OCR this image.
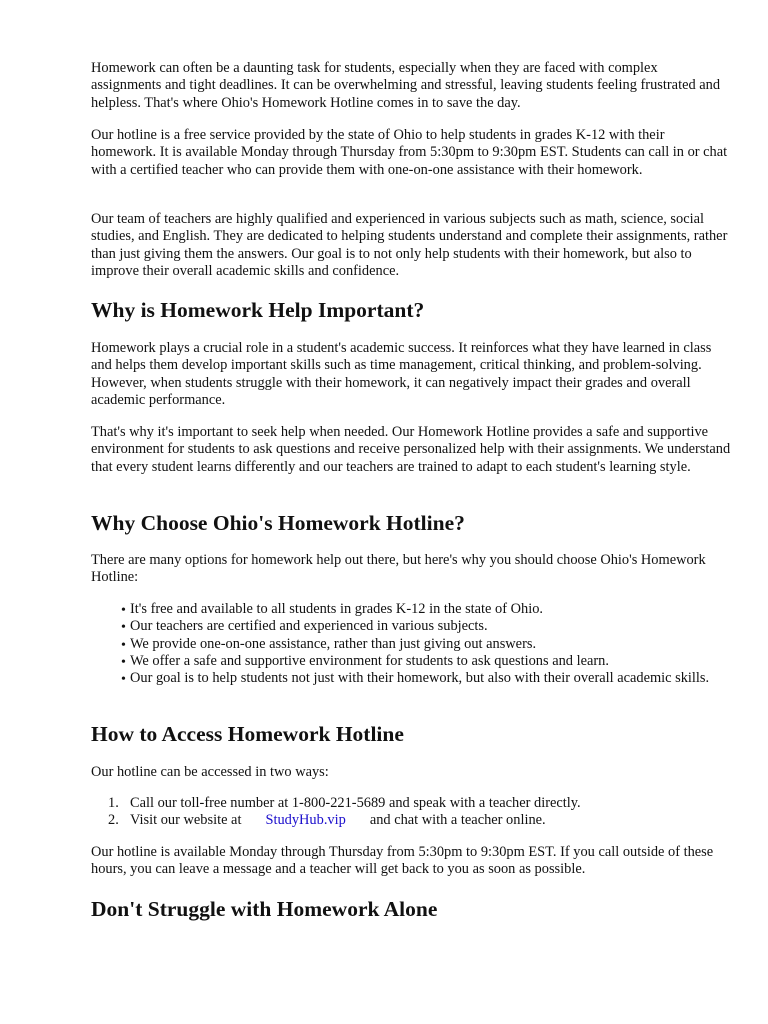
Homework can often be a daunting task for students, especially when they are faced with complex assignments and tight deadlines. It can be overwhelming and stressful, leaving students feeling frustrated and helpless. That's where Ohio's Homework Hotline comes in to save the day.

Our hotline is a free service provided by the state of Ohio to help students in grades K-12 with their homework. It is available Monday through Thursday from 5:30pm to 9:30pm EST. Students can call in or chat with a certified teacher who can provide them with one-on-one assistance with their homework.

Our team of teachers are highly qualified and experienced in various subjects such as math, science, social studies, and English. They are dedicated to helping students understand and complete their assignments, rather than just giving them the answers. Our goal is to not only help students with their homework, but also to improve their overall academic skills and confidence.

Why is Homework Help Important?

Homework plays a crucial role in a student's academic success. It reinforces what they have learned in class and helps them develop important skills such as time management, critical thinking, and problem-solving. However, when students struggle with their homework, it can negatively impact their grades and overall academic performance.

That's why it's important to seek help when needed. Our Homework Hotline provides a safe and supportive environment for students to ask questions and receive personalized help with their assignments. We understand that every student learns differently and our teachers are trained to adapt to each student's learning style.

Why Choose Ohio's Homework Hotline?

There are many options for homework help out there, but here's why you should choose Ohio's Homework Hotline:

• It's free and available to all students in grades K-12 in the state of Ohio.
• Our teachers are certified and experienced in various subjects.
• We provide one-on-one assistance, rather than just giving out answers.
• We offer a safe and supportive environment for students to ask questions and learn.
• Our goal is to help students not just with their homework, but also with their overall academic skills.
How to Access Homework Hotline

Our hotline can be accessed in two ways:

1. Call our toll-free number at 1-800-221-5689 and speak with a teacher directly.
2. Visit our website at StudyHub.vip and chat with a teacher online.

Our hotline is available Monday through Thursday from 5:30pm to 9:30pm EST. If you call outside of these hours, you can leave a message and a teacher will get back to you as soon as possible.

Don't Struggle with Homework Alone
